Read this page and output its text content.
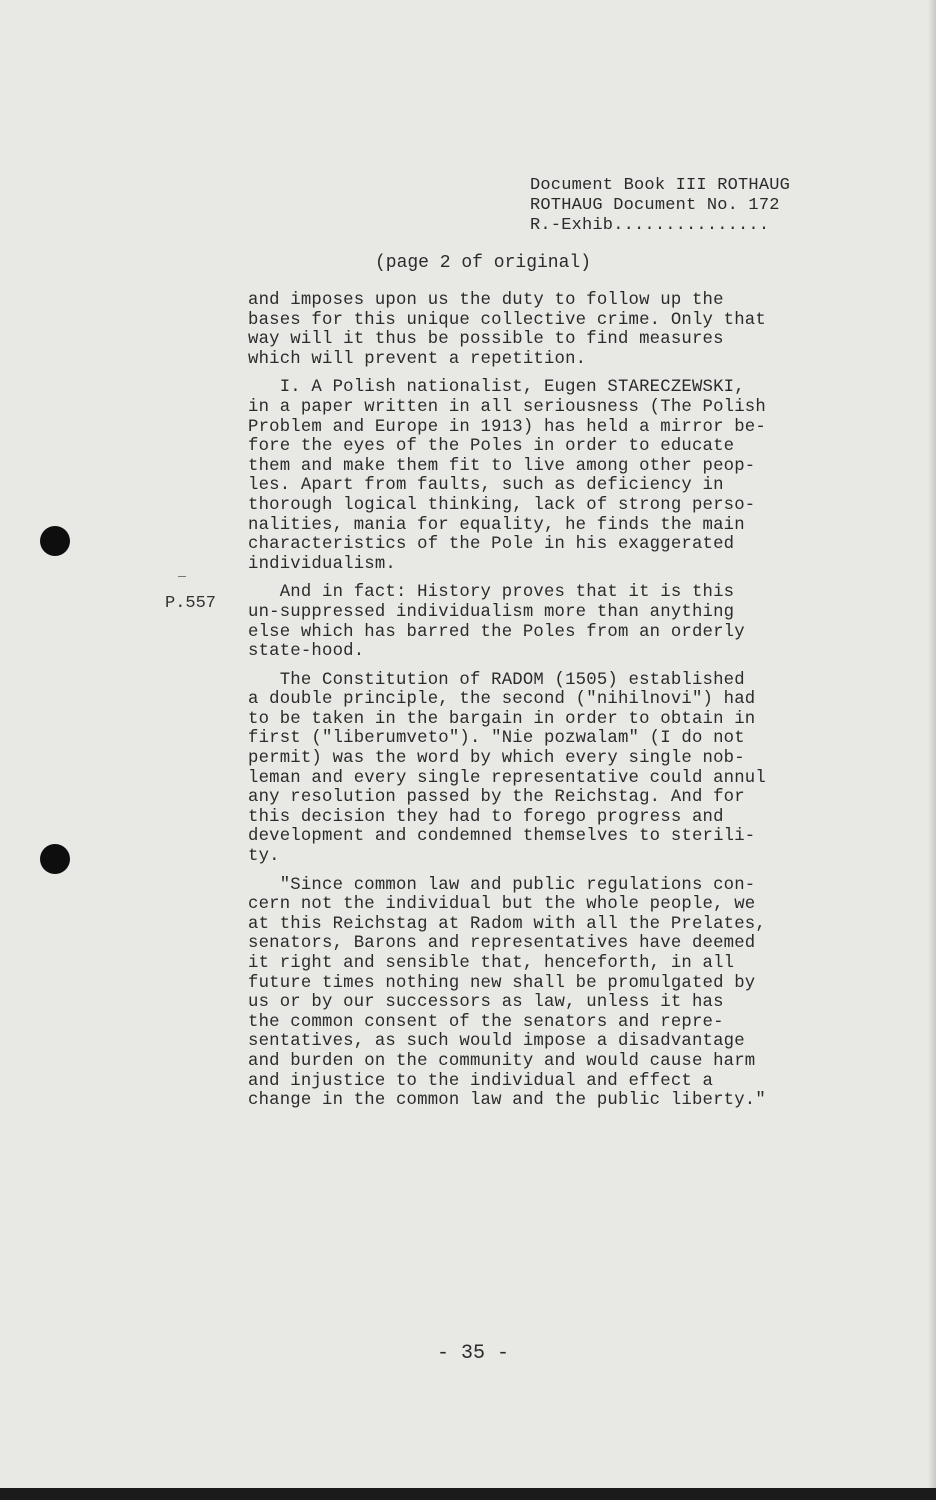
Document Book III ROTHAUG
ROTHAUG Document No. 172
R.-Exhib...............
(page 2 of original)
P.557
and imposes upon us the duty to follow up the
bases for this unique collective crime. Only that
way will it thus be possible to find measures
which will prevent a repetition.
I. A Polish nationalist, Eugen STARECZEWSKI,
in a paper written in all seriousness (The Polish
Problem and Europe in 1913) has held a mirror be-
fore the eyes of the Poles in order to educate
them and make them fit to live among other peop-
les. Apart from faults, such as deficiency in
thorough logical thinking, lack of strong perso-
nalities, mania for equality, he finds the main
characteristics of the Pole in his exaggerated
individualism.
And in fact: History proves that it is this
un-suppressed individualism more than anything
else which has barred the Poles from an orderly
state-hood.
The Constitution of RADOM (1505) established
a double principle, the second ("nihilnovi") had
to be taken in the bargain in order to obtain in
first ("liberumveto"). "Nie pozwalam" (I do not
permit) was the word by which every single nob-
leman and every single representative could annul
any resolution passed by the Reichstag. And for
this decision they had to forego progress and
development and condemned themselves to sterili-
ty.
"Since common law and public regulations con-
cern not the individual but the whole people, we
at this Reichstag at Radom with all the Prelates,
senators, Barons and representatives have deemed
it right and sensible that, henceforth, in all
future times nothing new shall be promulgated by
us or by our successors as law, unless it has
the common consent of the senators and repre-
sentatives, as such would impose a disadvantage
and burden on the community and would cause harm
and injustice to the individual and effect a
change in the common law and the public liberty."
- 35 -
